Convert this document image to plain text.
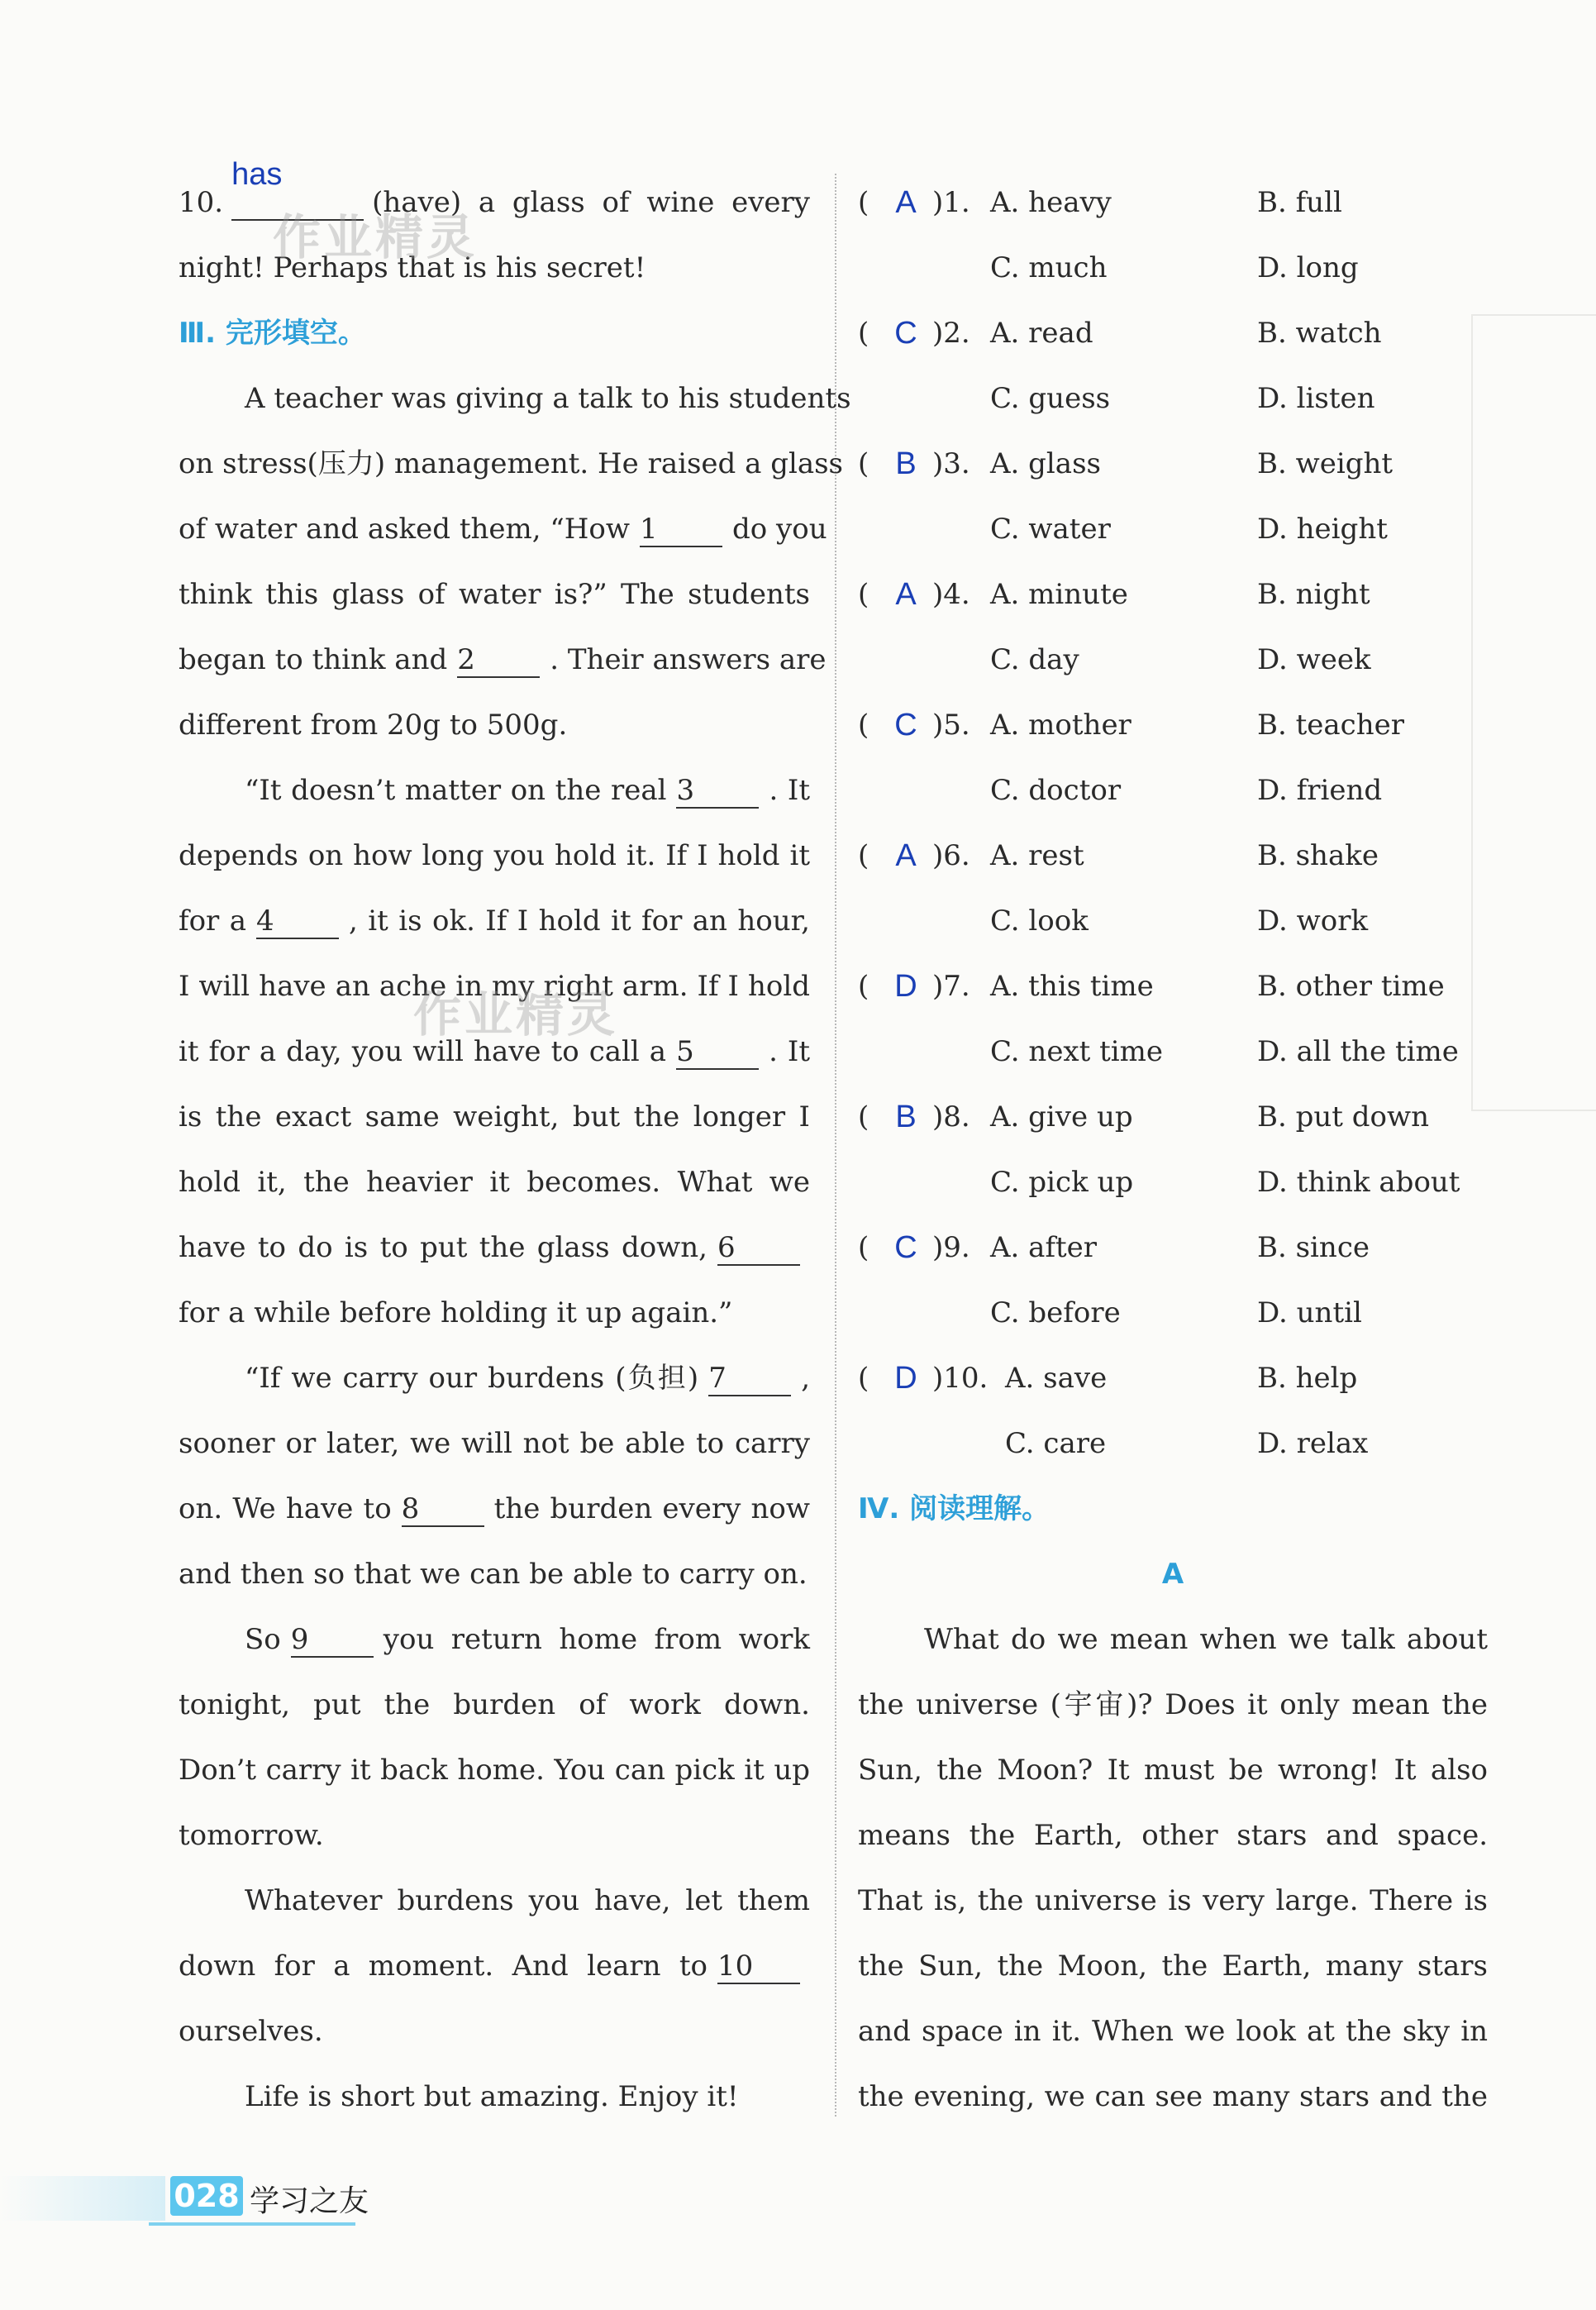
10.
has
(have) a glass of wine every
night! Perhaps that is his secret!
Ⅲ. 完形填空。
A teacher was giving a talk to his students
on stress(压力) management. He raised a glass
of water and asked them, “How 1	do you
think this glass of water is?” The students
began to think and 2	. Their answers are
different from 20g to 500g.
“It doesn’t matter on the real 3	. It
depends on how long you hold it. If I hold it
for a 4	, it is ok. If I hold it for an hour,
I will have an ache in my right arm. If I hold
it for a day, you will have to call a 5	. It
is the exact same weight, but the longer I
hold it, the heavier it becomes. What we
have to do is to put the glass down, 6
for a while before holding it up again.”
“If we carry our burdens (负担) 7	,
sooner or later, we will not be able to carry
on. We have to 8	the burden every now
and then so that we can be able to carry on.
So 9	you return home from work
tonight, put the burden of work down.
Don’t carry it back home. You can pick it up
tomorrow.
Whatever burdens you have, let them
down for a moment. And learn to 10
ourselves.
Life is short but amazing. Enjoy it!
( A )1. A. heavy	B. full
C. much	D. long
( C )2. A. read	B. watch
C. guess	D. listen
( B )3. A. glass	B. weight
C. water	D. height
( A )4. A. minute	B. night
C. day	D. week
( C )5. A. mother	B. teacher
C. doctor	D. friend
( A )6. A. rest	B. shake
C. look	D. work
( D )7. A. this time	B. other time
C. next time	D. all the time
( B )8. A. give up	B. put down
C. pick up	D. think about
( C )9. A. after	B. since
C. before	D. until
( D )10. A. save	B. help
C. care	D. relax
Ⅳ. 阅读理解。
A
What do we mean when we talk about
the universe (宇宙)? Does it only mean the
Sun, the Moon? It must be wrong! It also
means the Earth, other stars and space.
That is, the universe is very large. There is
the Sun, the Moon, the Earth, many stars
and space in it. When we look at the sky in
the evening, we can see many stars and the
作业精灵
作业精灵
028 学习之友
